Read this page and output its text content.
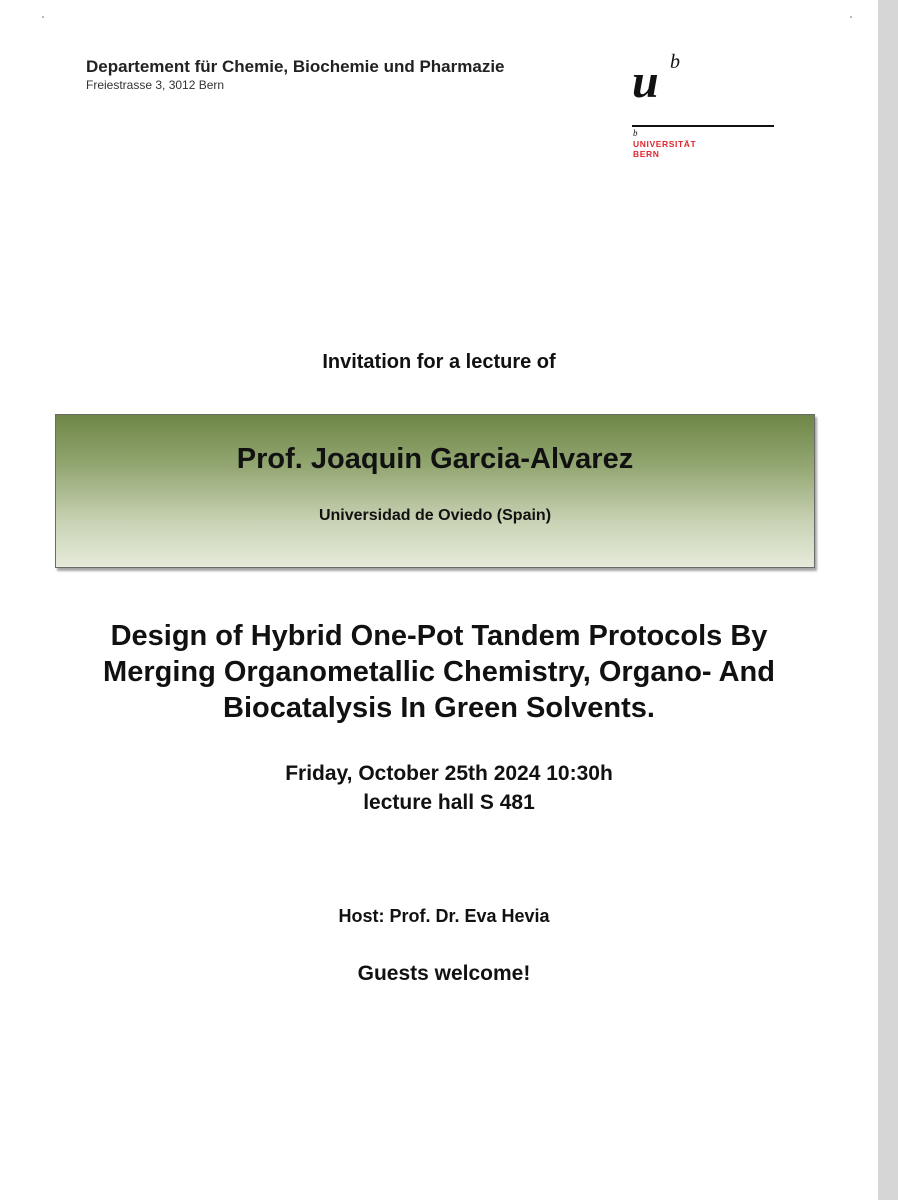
Departement für Chemie, Biochemie und Pharmazie
Freiestrasse 3, 3012 Bern	u b
b
UNIVERSITÄT
BERN
Invitation for a lecture of
Prof. Joaquin Garcia-Alvarez
Universidad de Oviedo (Spain)
Design of Hybrid One-Pot Tandem Protocols By
Merging Organometallic Chemistry, Organo- And
Biocatalysis In Green Solvents.
Friday, October 25th 2024 10:30h
lecture hall S 481
Host: Prof. Dr. Eva Hevia
Guests welcome!
